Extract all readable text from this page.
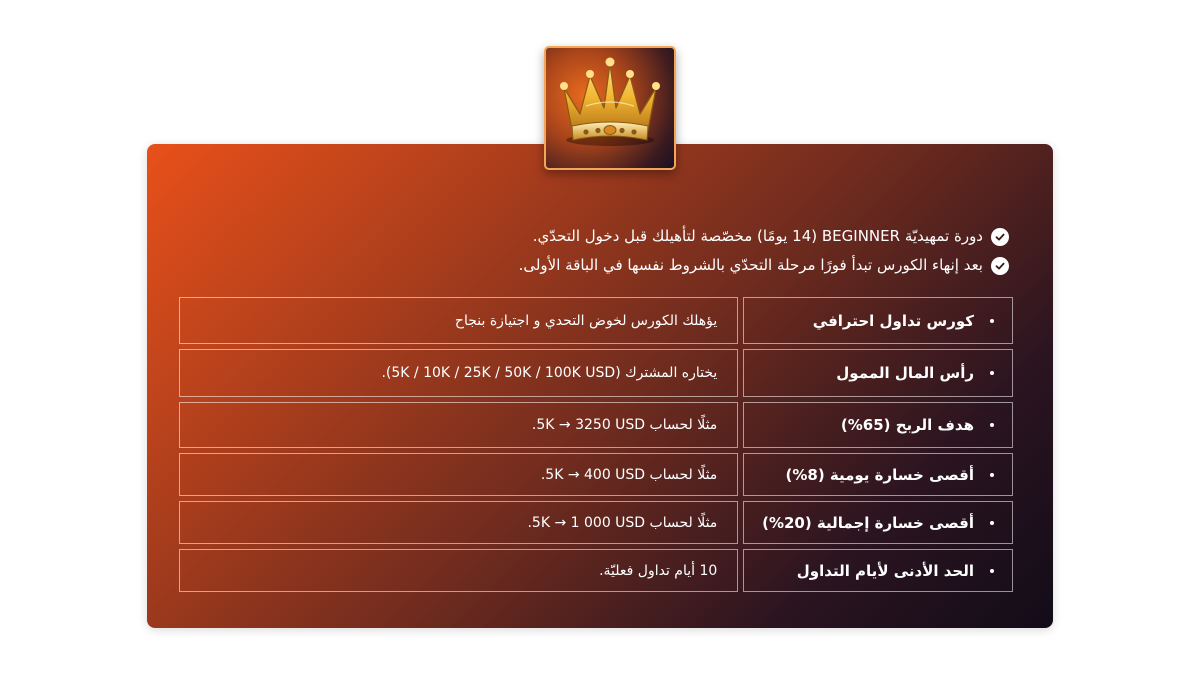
دورة تمهيديّة BEGINNER (14 يومًا) مخصّصة لتأهيلك قبل دخول التحدّي.
بعد إنهاء الكورس تبدأ فورًا مرحلة التحدّي بالشروط نفسها في الباقة الأولى.
كورس تداول احترافي
يؤهلك الكورس لخوض التحدي و اجتيازة بنجاح
رأس المال الممول
يختاره المشترك (5K / 10K / 25K / 50K / 100K USD).
هدف الربح (65%)
مثلًا لحساب 5K → 3250 USD.
أقصى خسارة يومية (8%)
مثلًا لحساب 5K → 400 USD.
أقصى خسارة إجمالية (20%)
مثلًا لحساب 5K → 1 000 USD.
الحد الأدنى لأيام التداول
10 أيام تداول فعليّة.
